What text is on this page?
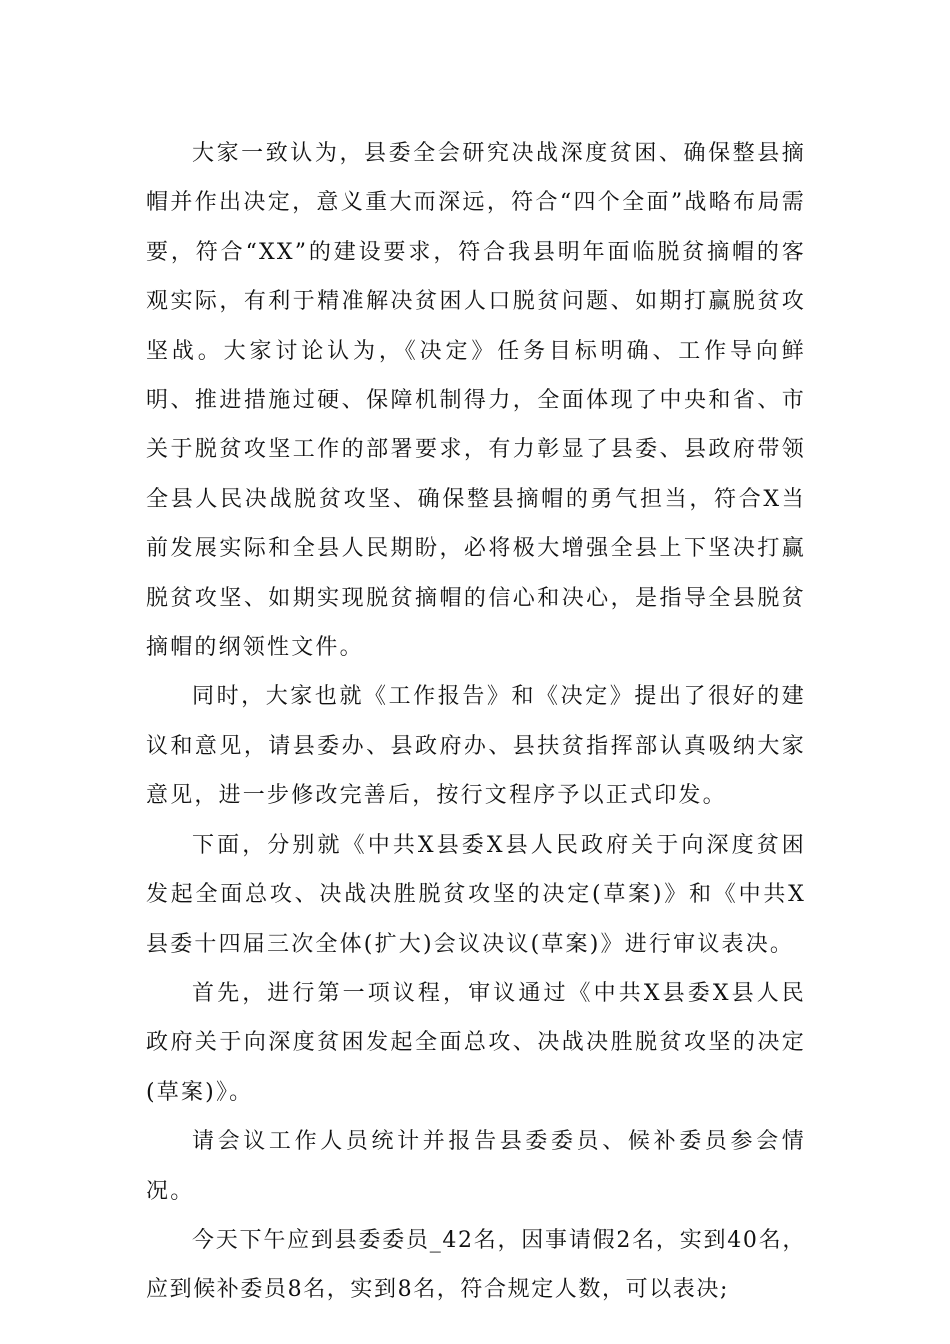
大家一致认为，县委全会研究决战深度贫困、确保整县摘帽并作出决定，意义重大而深远，符合“四个全面”战略布局需要，符合“XX”的建设要求，符合我县明年面临脱贫摘帽的客观实际，有利于精准解决贫困人口脱贫问题、如期打赢脱贫攻坚战。大家讨论认为，《决定》任务目标明确、工作导向鲜明、推进措施过硬、保障机制得力，全面体现了中央和省、市关于脱贫攻坚工作的部署要求，有力彰显了县委、县政府带领全县人民决战脱贫攻坚、确保整县摘帽的勇气担当，符合X当前发展实际和全县人民期盼，必将极大增强全县上下坚决打赢脱贫攻坚、如期实现脱贫摘帽的信心和决心，是指导全县脱贫摘帽的纲领性文件。

同时，大家也就《工作报告》和《决定》提出了很好的建议和意见，请县委办、县政府办、县扶贫指挥部认真吸纳大家意见，进一步修改完善后，按行文程序予以正式印发。

下面，分别就《中共X县委X县人民政府关于向深度贫困发起全面总攻、决战决胜脱贫攻坚的决定(草案)》和《中共X县委十四届三次全体(扩大)会议决议(草案)》进行审议表决。

首先，进行第一项议程，审议通过《中共X县委X县人民政府关于向深度贫困发起全面总攻、决战决胜脱贫攻坚的决定(草案)》。

请会议工作人员统计并报告县委委员、候补委员参会情况。

今天下午应到县委委员_42名，因事请假2名，实到40名，应到候补委员8名，实到8名，符合规定人数，可以表决;
